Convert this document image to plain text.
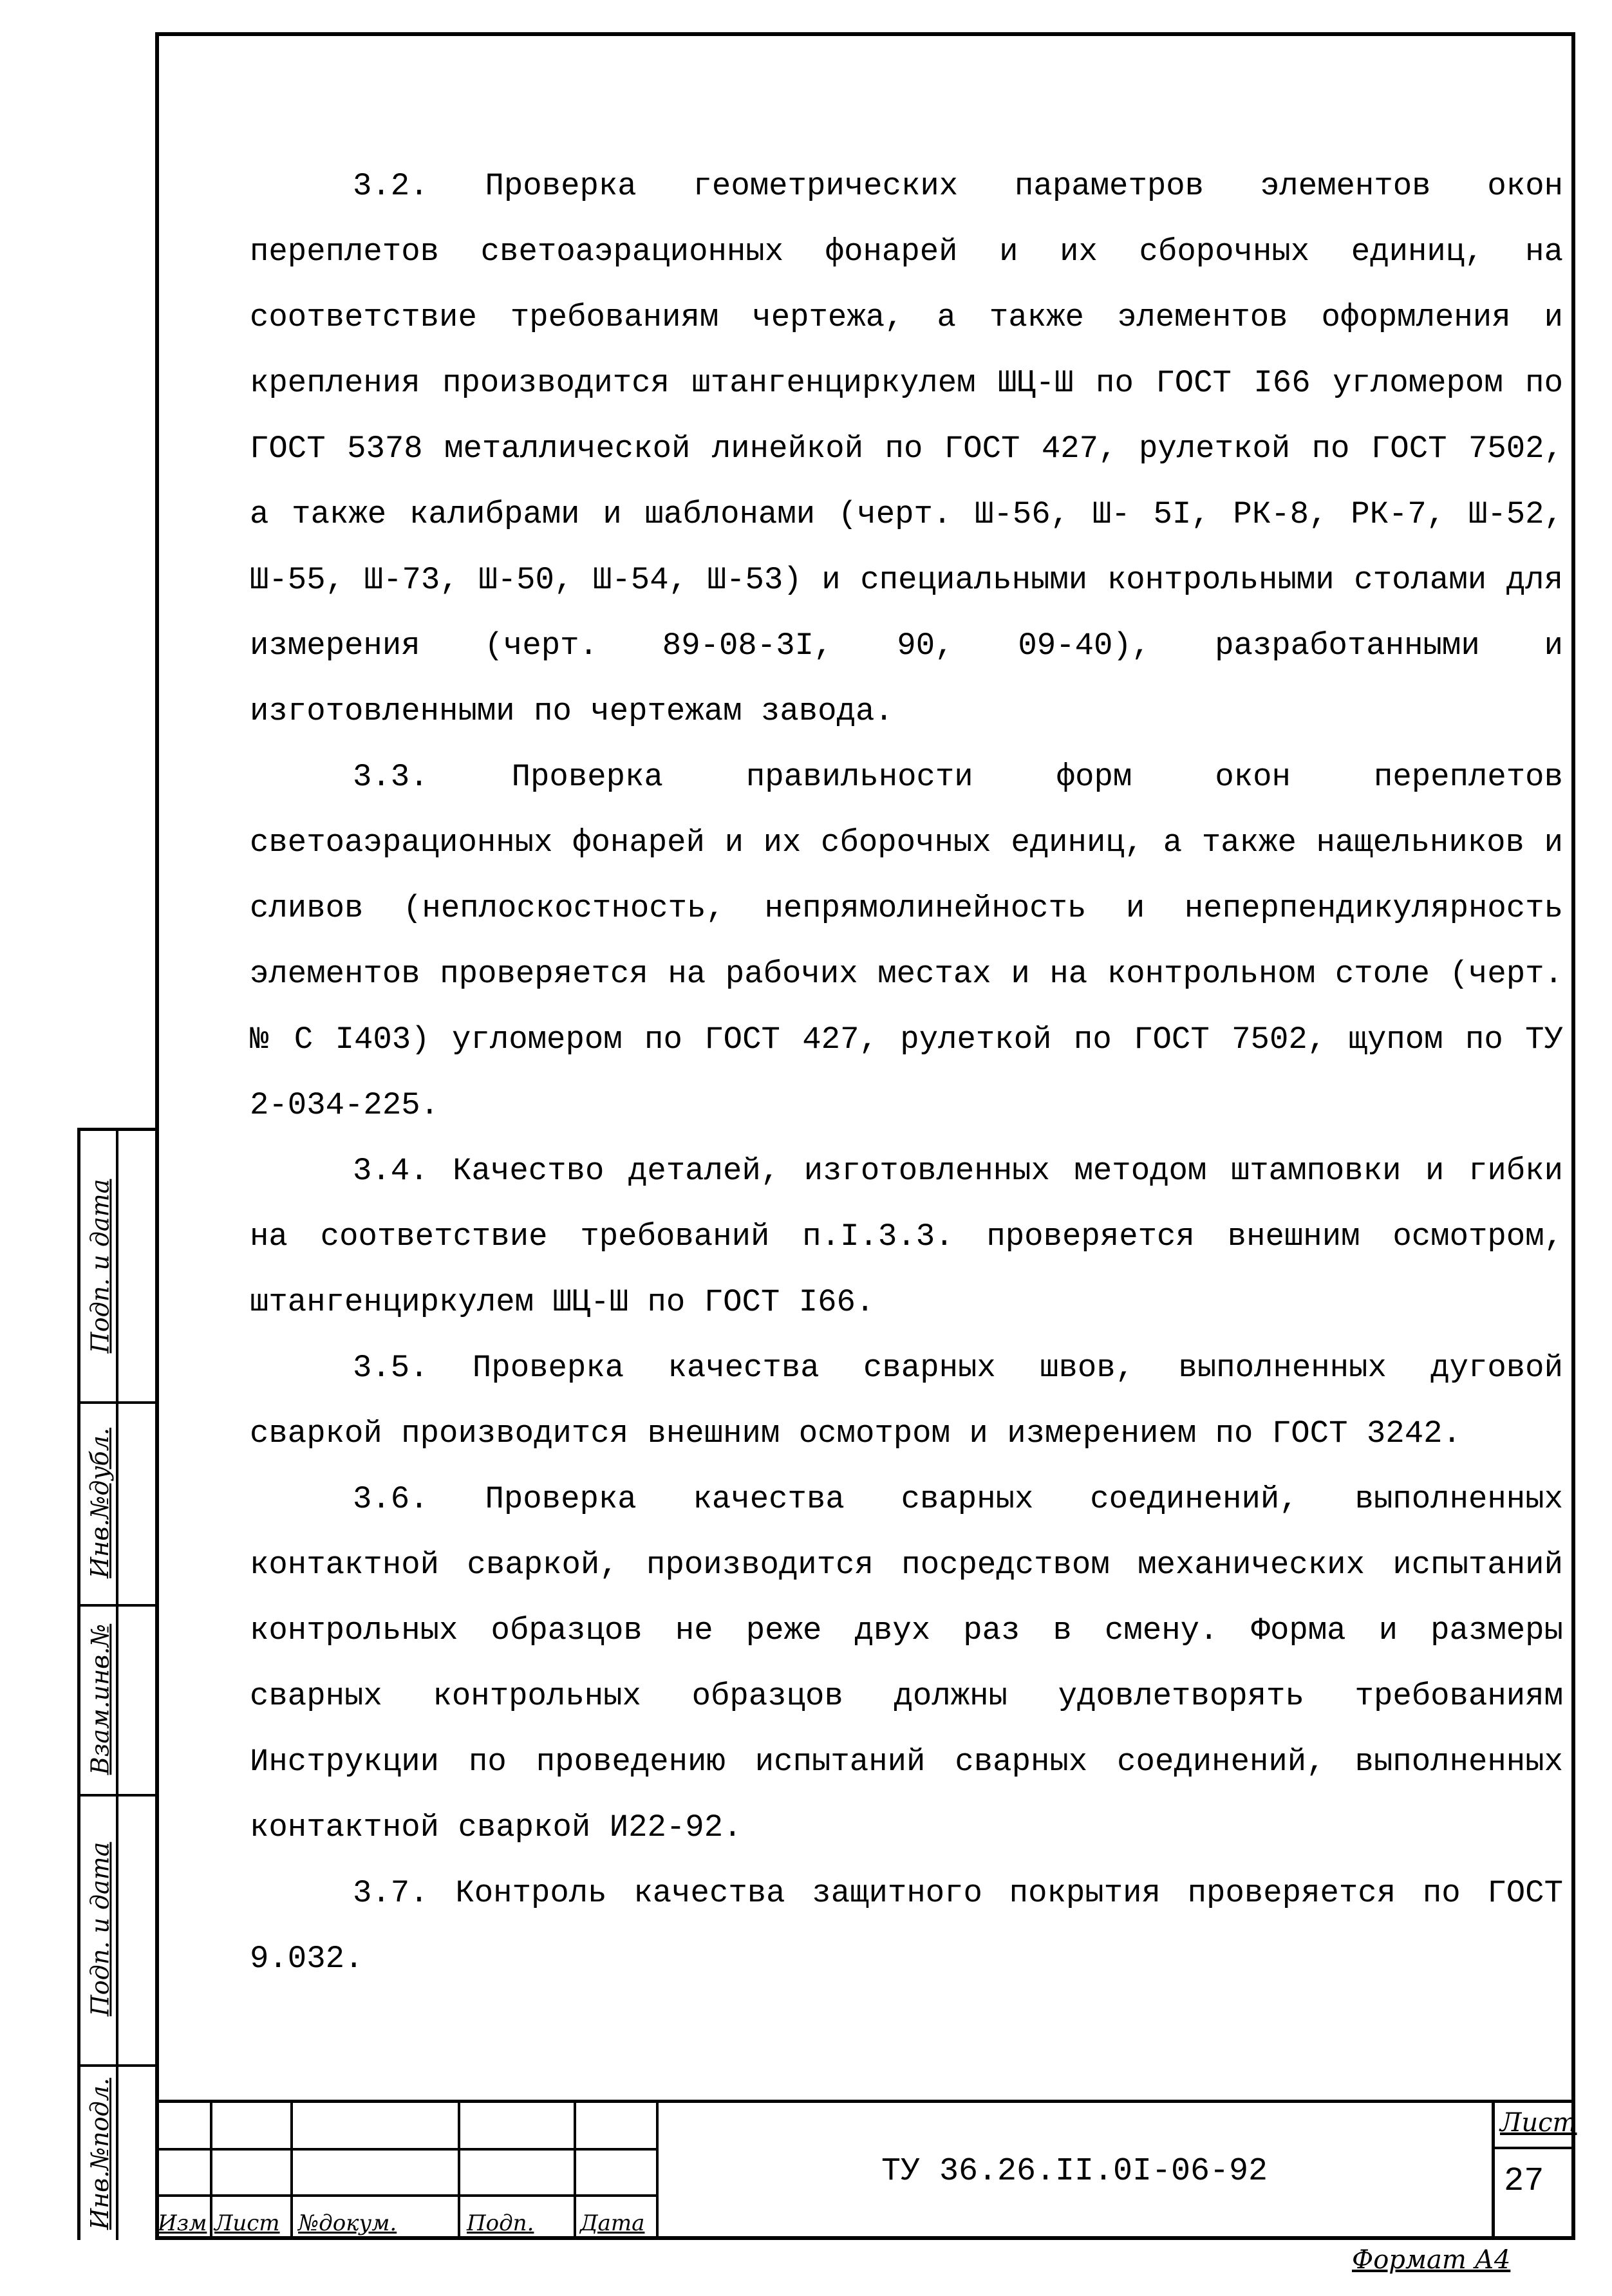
3.2. Проверка геометрических параметров элементов окон переплетов светоаэрационных фонарей и их сборочных единиц, на соответствие требованиям чертежа, а также элементов оформления и крепления производится штангенциркулем ШЦ-Ш по ГОСТ I66 угломером по ГОСТ 5378 металлической линейкой по ГОСТ 427, рулеткой по ГОСТ 7502, а также калибрами и шаблонами (черт. Ш-56, Ш- 5I, РК-8, РК-7, Ш-52, Ш-55, Ш-73, Ш-50, Ш-54, Ш-53) и специальными контрольными столами для измерения (черт. 89-08-3I, 90, 09-40), разработанными и изготовленными по чертежам завода.

3.3. Проверка правильности форм окон переплетов светоаэрационных фонарей и их сборочных единиц, а также нащельников и сливов (неплоскостность, непрямолинейность и неперпендикулярность элементов проверяется на рабочих местах и на контрольном столе (черт. № С I403) угломером по ГОСТ 427, рулеткой по ГОСТ 7502, щупом по ТУ 2-034-225.

3.4. Качество деталей, изготовленных методом штамповки и гибки на соответствие требований п.I.3.3. проверяется внешним осмотром, штангенциркулем ШЦ-Ш по ГОСТ I66.

3.5. Проверка качества сварных швов, выполненных дуговой сваркой производится внешним осмотром и измерением по ГОСТ 3242.

3.6. Проверка качества сварных соединений, выполненных контактной сваркой, производится посредством механических испытаний контрольных образцов не реже двух раз в смену. Форма и размеры сварных контрольных образцов должны удовлетворять требованиям Инструкции по проведению испытаний сварных соединений, выполненных контактной сваркой И22-92.

3.7. Контроль качества защитного покрытия проверяется по ГОСТ 9.032.

Подп. и дата
Инв.№дубл.
Взам.инв.№
Подп. и дата
Инв.№подл. Изм Лист №докум.	Подп. Дата
ТУ 36.26.II.0I-06-92
Лист
27
Формат А4
